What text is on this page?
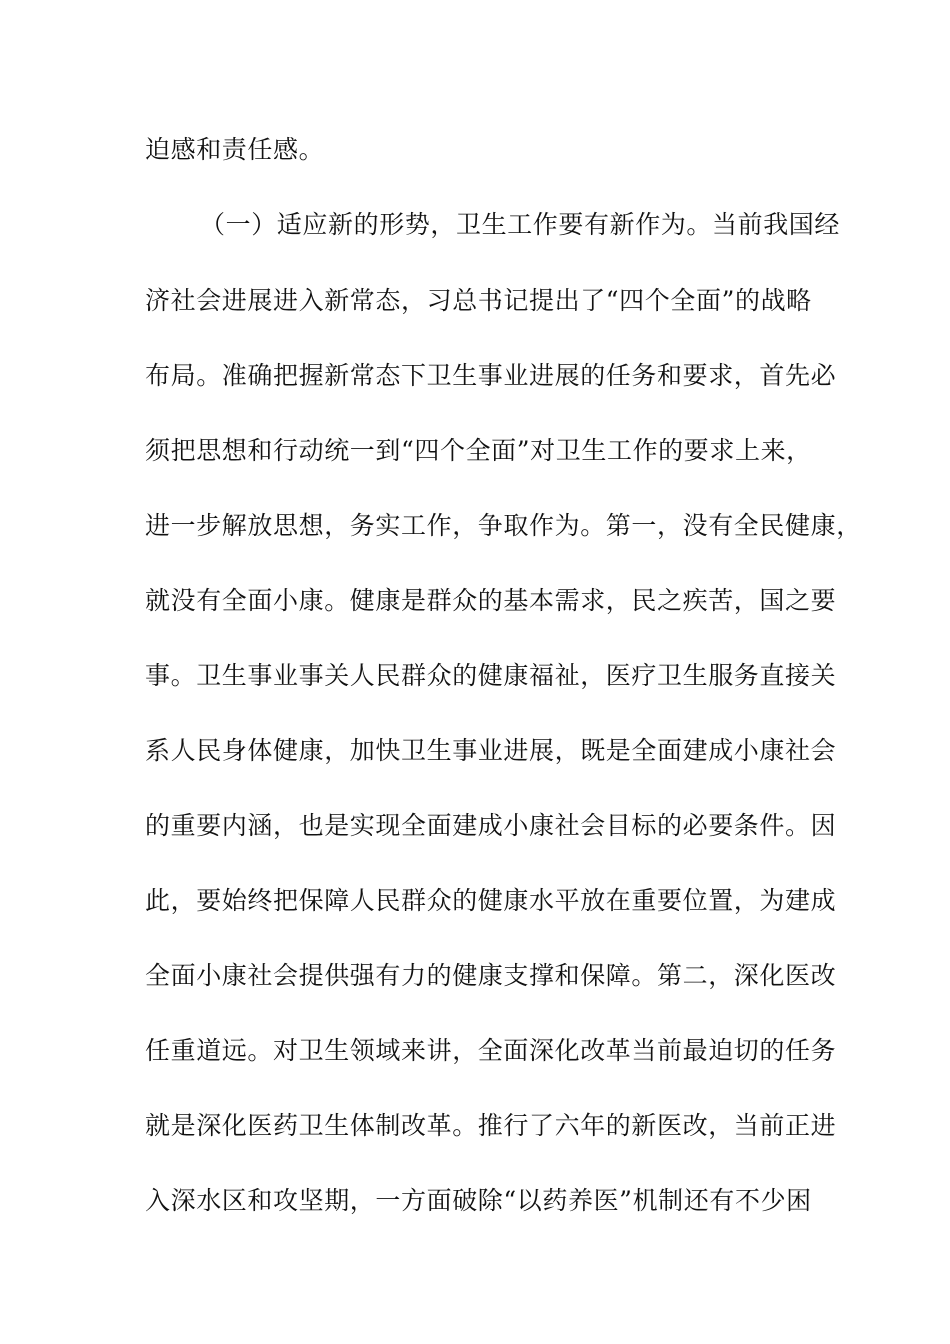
迫感和责任感。
（一）适应新的形势，卫生工作要有新作为。当前我国经
济社会进展进入新常态，习总书记提出了“四个全面”的战略
布局。准确把握新常态下卫生事业进展的任务和要求，首先必
须把思想和行动统一到“四个全面”对卫生工作的要求上来，
进一步解放思想，务实工作，争取作为。第一，没有全民健康，
就没有全面小康。健康是群众的基本需求，民之疾苦，国之要
事。卫生事业事关人民群众的健康福祉，医疗卫生服务直接关
系人民身体健康，加快卫生事业进展，既是全面建成小康社会
的重要内涵，也是实现全面建成小康社会目标的必要条件。因
此，要始终把保障人民群众的健康水平放在重要位置，为建成
全面小康社会提供强有力的健康支撑和保障。第二，深化医改
任重道远。对卫生领域来讲，全面深化改革当前最迫切的任务
就是深化医药卫生体制改革。推行了六年的新医改，当前正进
入深水区和攻坚期，一方面破除“以药养医”机制还有不少困
